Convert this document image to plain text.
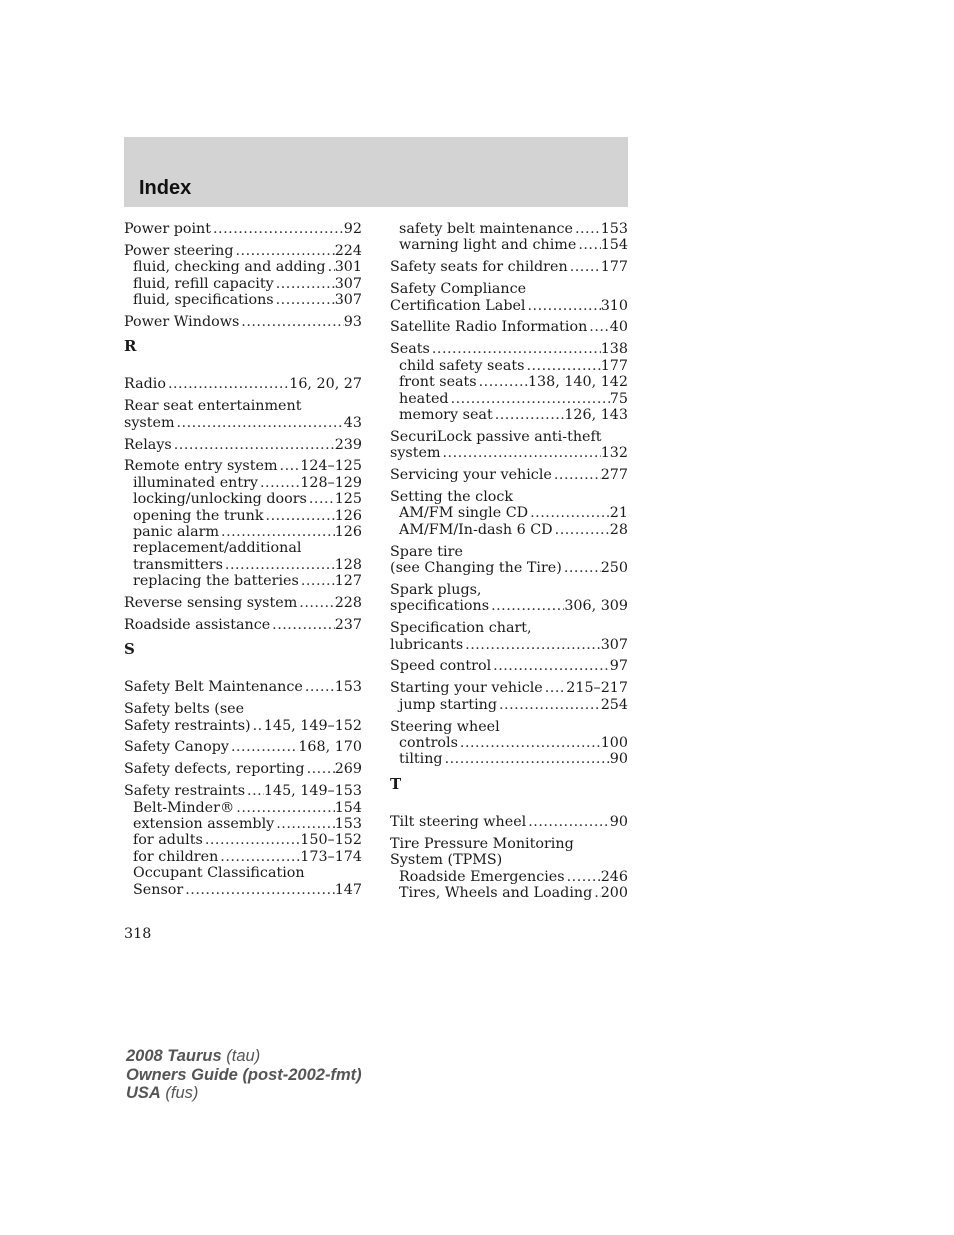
Index
Power point .....	92
Power steering .....	224
fluid, checking and adding ..... 301
fluid, refill capacity .....	307
fluid, specifications .....	307
Power Windows .....	93
R
Radio .....	16, 20, 27
Rear seat entertainment
system .....	43
Relays .....	239
Remote entry system ..... 124–125
illuminated entry .....	128–129
locking/unlocking doors ..... 125
opening the trunk .....	126
panic alarm .....	126
replacement/additional
transmitters .....	128
replacing the batteries .....	127
Reverse sensing system .....	228
Roadside assistance .....	237
S
Safety Belt Maintenance ..... 153
Safety belts (see
Safety restraints) ..... 145, 149–152
Safety Canopy .....	168, 170
Safety defects, reporting ..... 269
Safety restraints ..... 145, 149–153
Belt-Minder® .....	154
extension assembly .....	153
for adults .....	150–152
for children .....	173–174
Occupant Classification
Sensor .....	147
safety belt maintenance ..... 153
warning light and chime ..... 154
Safety seats for children ..... 177
Safety Compliance
Certification Label .....	310
Satellite Radio Information ..... 40
Seats .....	138
child safety seats .....	177
front seats .....	138, 140, 142
heated .....	75
memory seat .....	126, 143
SecuriLock passive anti-theft
system .....	132
Servicing your vehicle .....	277
Setting the clock
AM/FM single CD .....	21
AM/FM/In-dash 6 CD .....	28
Spare tire
(see Changing the Tire) .....	250
Spark plugs,
specifications .....	306, 309
Specification chart,
lubricants .....	307
Speed control .....	97
Starting your vehicle ..... 215–217
jump starting .....	254
Steering wheel
controls .....	100
tilting .....	90
T
Tilt steering wheel .....	90
Tire Pressure Monitoring
System (TPMS)
Roadside Emergencies .....	246
Tires, Wheels and Loading ..... 200
318
2008 Taurus (tau)
Owners Guide (post-2002-fmt)
USA (fus)
